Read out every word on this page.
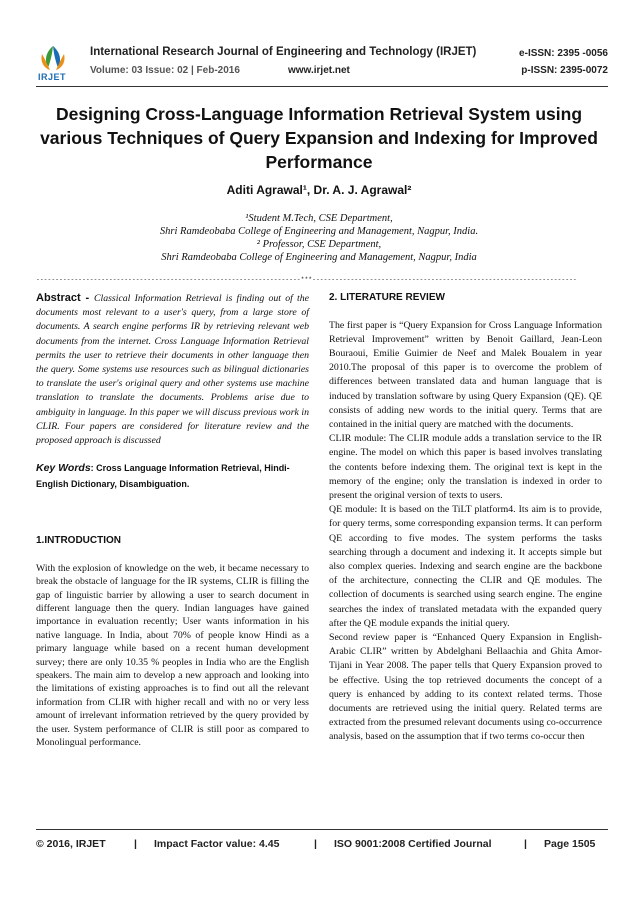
IRJET
International Research Journal of Engineering and Technology (IRJET)
Volume: 03 Issue: 02 | Feb-2016	www.irjet.net
e-ISSN: 2395 -0056
p-ISSN: 2395-0072
Designing Cross-Language Information Retrieval System using various Techniques of Query Expansion and Indexing for Improved Performance
Aditi Agrawal¹, Dr. A. J. Agrawal²
¹Student M.Tech, CSE Department,
Shri Ramdeobaba College of Engineering and Management, Nagpur, India.
² Professor, CSE Department,
Shri Ramdeobaba College of Engineering and Management, Nagpur, India
---------------------------------------------------------------------***---------------------------------------------------------------------

Abstract - Classical Information Retrieval is finding out of the documents most relevant to a user's query, from a large store of documents. A search engine performs IR by retrieving relevant web documents from the internet. Cross Language Information Retrieval permits the user to retrieve their documents in other language then the query. Some systems use resources such as bilingual dictionaries to translate the user's original query and other systems use machine translation to translate the documents. Problems arise due to ambiguity in language. In this paper we will discuss previous work in CLIR. Four papers are considered for literature review and the proposed approach is discussed

Key Words: Cross Language Information Retrieval, Hindi-English Dictionary, Disambiguation.
1.INTRODUCTION

With the explosion of knowledge on the web, it became necessary to break the obstacle of language for the IR systems, CLIR is filling the gap of linguistic barrier by allowing a user to search document in different language then the query. Indian languages have gained importance in evaluation recently; User wants information in his native language. In India, about 70% of people know Hindi as a primary language while based on a recent human development survey; there are only 10.35 % peoples in India who are the English speakers. The main aim to develop a new approach and looking into the limitations of existing approaches is to find out all the relevant information from CLIR with higher recall and with no or very less amount of irrelevant information retrieved by the query provided by the user. System performance of CLIR is still poor as compared to Monolingual performance.

2. LITERATURE REVIEW

The first paper is “Query Expansion for Cross Language Information Retrieval Improvement” written by Benoit Gaillard, Jean-Leon Bouraoui, Emilie Guimier de Neef and Malek Boualem in year 2010.The proposal of this paper is to overcome the problem of differences between translated data and human language that is induced by translation software by using Query Expansion (QE). QE consists of adding new words to the initial query. Terms that are contained in the initial query are matched with the documents.

CLIR module: The CLIR module adds a translation service to the IR engine. The model on which this paper is based involves translating the contents before indexing them. The original text is kept in the memory of the engine; only the translation is indexed in order to present the original version of texts to users.

QE module: It is based on the TiLT platform4. Its aim is to provide, for query terms, some corresponding expansion terms. It can perform QE according to five modes. The system performs the tasks searching through a document and indexing it. It accepts simple but also complex queries. Indexing and search engine are the backbone of the architecture, connecting the CLIR and QE modules. The collection of documents is searched using search engine. The engine searches the index of translated metadata with the expanded query after the QE module expands the initial query.

Second review paper is “Enhanced Query Expansion in English-Arabic CLIR” written by Abdelghani Bellaachia and Ghita Amor-Tijani in Year 2008. The paper tells that Query Expansion proved to be effective. Using the top retrieved documents the concept of a query is enhanced by adding to its context related terms. Those documents are retrieved using the initial query. Related terms are extracted from the presumed relevant documents using co-occurrence analysis, based on the assumption that if two terms co-occur then

© 2016, IRJET	| Impact Factor value: 4.45	| ISO 9001:2008 Certified Journal	| Page 1505
